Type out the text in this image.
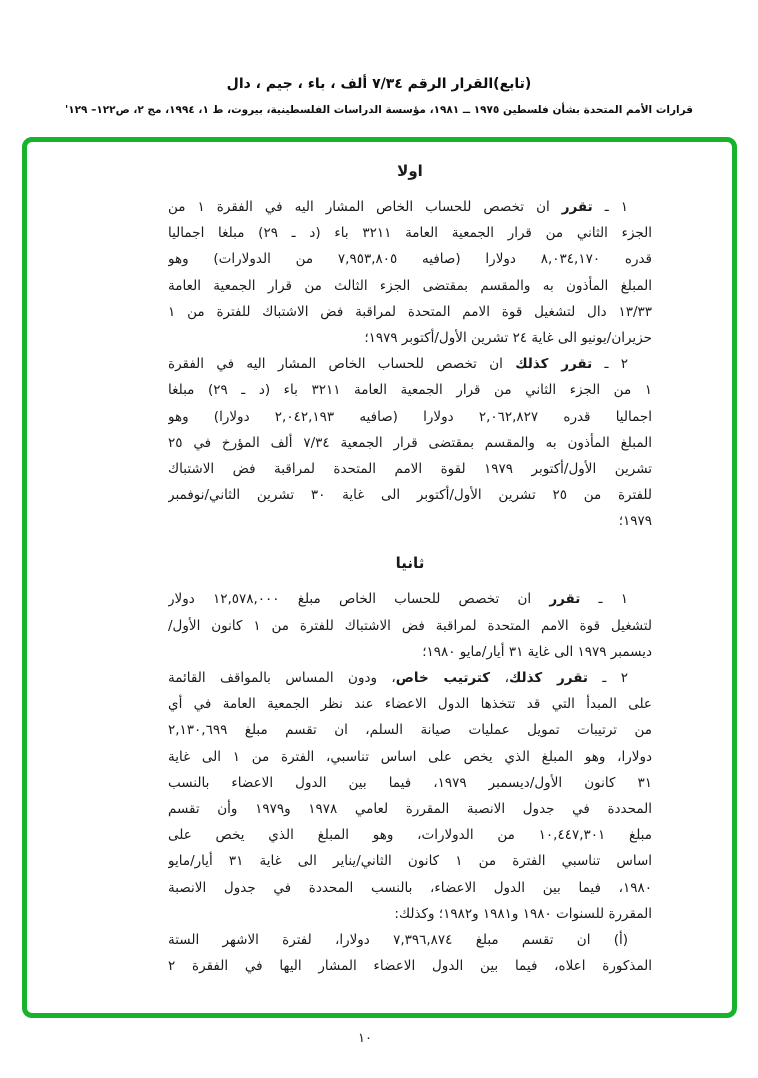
(تابع)القرار الرقم ٧/٣٤ ألف ، باء ، جيم ، دال
قرارات الأمم المتحدة بشأن فلسطين ١٩٧٥ ــ ١٩٨١، مؤسسة الدراسات الفلسطينية، بيروت، ط ١، ١٩٩٤، مج ٢، ص١٢٢– ١٢٩'
اولا
١ ـ تقرر ان تخصص للحساب الخاص المشار اليه في الفقرة ١ من
الجزء الثاني من قرار الجمعية العامة ٣٢١١ باء (د ـ ٢٩) مبلغا اجماليا
قدره ٨,٠٣٤,١٧٠ دولارا (صافيه ٧,٩٥٣,٨٠٥ من الدولارات) وهو
المبلغ المأذون به والمقسم بمقتضى الجزء الثالث من قرار الجمعية العامة
١٣/٣٣ دال لتشغيل قوة الامم المتحدة لمراقبة فض الاشتباك للفترة من ١
حزيران/يونيو الى غاية ٢٤ تشرين الأول/أكتوبر ١٩٧٩؛
٢ ـ تقرر كذلك ان تخصص للحساب الخاص المشار اليه في الفقرة
١ من الجزء الثاني من قرار الجمعية العامة ٣٢١١ باء (د ـ ٢٩) مبلغا
اجماليا قدره ٢,٠٦٢,٨٢٧ دولارا (صافيه ٢,٠٤٢,١٩٣ دولارا) وهو
المبلغ المأذون به والمقسم بمقتضى قرار الجمعية ٧/٣٤ ألف المؤرخ في ٢٥
تشرين الأول/أكتوبر ١٩٧٩ لقوة الامم المتحدة لمراقبة فض الاشتباك
للفترة من ٢٥ تشرين الأول/أكتوبر الى غاية ٣٠ تشرين الثاني/نوفمبر
١٩٧٩؛
ثانيا
١ ـ تقرر ان تخصص للحساب الخاص مبلغ ١٢,٥٧٨,٠٠٠ دولار
لتشغيل قوة الامم المتحدة لمراقبة فض الاشتباك للفترة من ١ كانون الأول/
ديسمبر ١٩٧٩ الى غاية ٣١ أيار/مايو ١٩٨٠؛
٢ ـ تقرر كذلك، كترتيب خاص، ودون المساس بالمواقف القائمة
على المبدأ التي قد تتخذها الدول الاعضاء عند نظر الجمعية العامة في أي
من ترتيبات تمويل عمليات صيانة السلم، ان تقسم مبلغ ٢,١٣٠,٦٩٩
دولارا، وهو المبلغ الذي يخص على اساس تناسبي، الفترة من ١ الى غاية
٣١ كانون الأول/ديسمبر ١٩٧٩، فيما بين الدول الاعضاء بالنسب
المحددة في جدول الانصبة المقررة لعامي ١٩٧٨ و١٩٧٩ وأن تقسم
مبلغ ١٠,٤٤٧,٣٠١ من الدولارات، وهو المبلغ الذي يخص على
اساس تناسبي الفترة من ١ كانون الثاني/يناير الى غاية ٣١ أيار/مايو
١٩٨٠، فيما بين الدول الاعضاء، بالنسب المحددة في جدول الانصبة
المقررة للسنوات ١٩٨٠ و١٩٨١ و١٩٨٢؛ وكذلك:
(أ) ان تقسم مبلغ ٧,٣٩٦,٨٧٤ دولارا، لفترة الاشهر الستة
المذكورة اعلاه، فيما بين الدول الاعضاء المشار اليها في الفقرة ٢
١٠
